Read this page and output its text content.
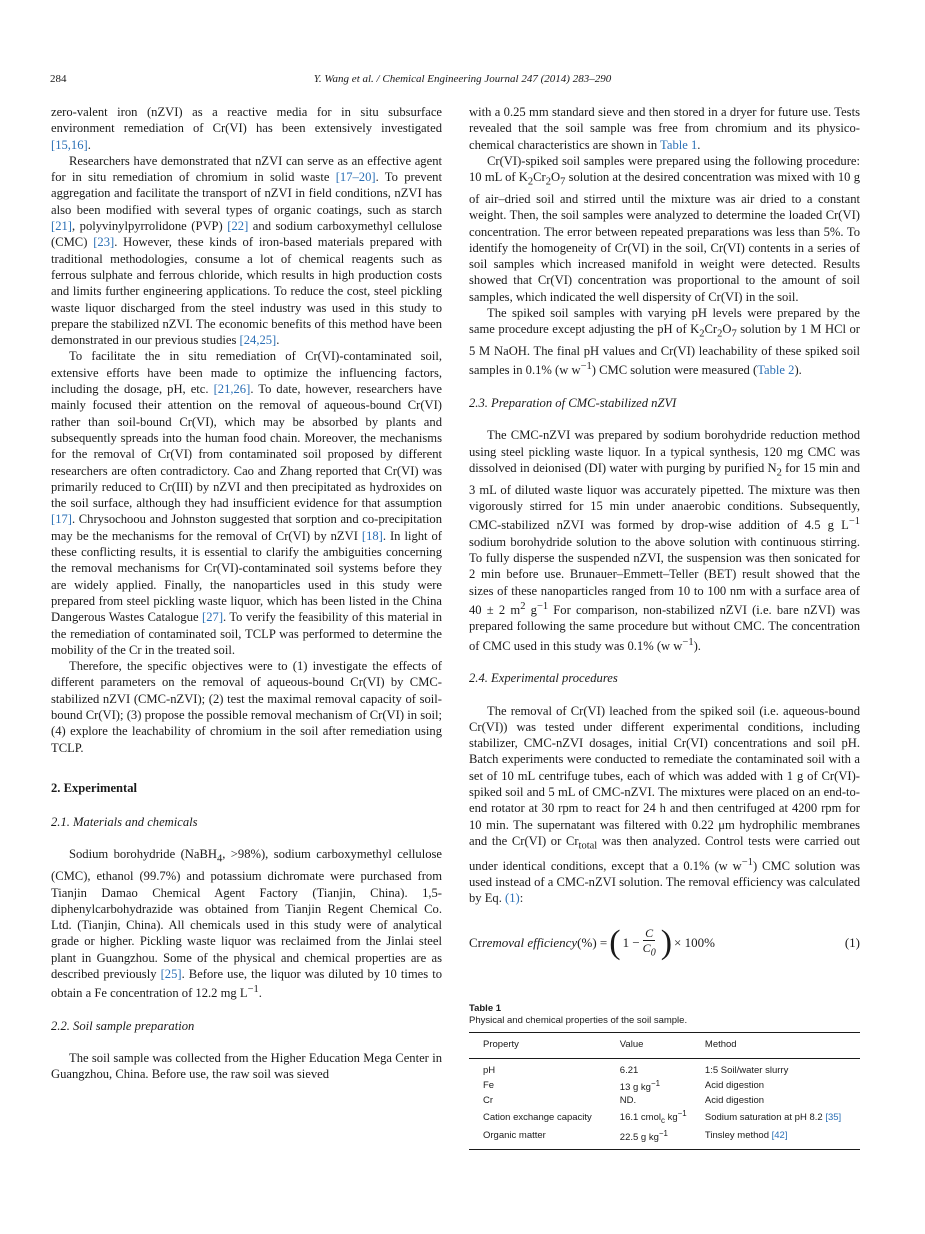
284	Y. Wang et al. / Chemical Engineering Journal 247 (2014) 283–290

zero-valent iron (nZVI) as a reactive media for in situ subsurface environment remediation of Cr(VI) has been extensively investigated [15,16].

Researchers have demonstrated that nZVI can serve as an effective agent for in situ remediation of chromium in solid waste [17–20]. To prevent aggregation and facilitate the transport of nZVI in field conditions, nZVI has also been modified with several types of organic coatings, such as starch [21], polyvinylpyrrolidone (PVP) [22] and sodium carboxymethyl cellulose (CMC) [23]. However, these kinds of iron-based materials prepared with traditional methodologies, consume a lot of chemical reagents such as ferrous sulphate and ferrous chloride, which results in high production costs and limits further engineering applications. To reduce the cost, steel pickling waste liquor discharged from the steel industry was used in this study to prepare the stabilized nZVI. The economic benefits of this method have been demonstrated in our previous studies [24,25].

To facilitate the in situ remediation of Cr(VI)-contaminated soil, extensive efforts have been made to optimize the influencing factors, including the dosage, pH, etc. [21,26]. To date, however, researchers have mainly focused their attention on the removal of aqueous-bound Cr(VI) rather than soil-bound Cr(VI), which may be absorbed by plants and subsequently spreads into the human food chain. Moreover, the mechanisms for the removal of Cr(VI) from contaminated soil proposed by different researchers are often contradictory. Cao and Zhang reported that Cr(VI) was primarily reduced to Cr(III) by nZVI and then precipitated as hydroxides on the soil surface, although they had insufficient evidence for that assumption [17]. Chrysochoou and Johnston suggested that sorption and co-precipitation may be the mechanisms for the removal of Cr(VI) by nZVI [18]. In light of these conflicting results, it is essential to clarify the ambiguities concerning the removal mechanisms for Cr(VI)-contaminated soil systems before they are widely applied. Finally, the nanoparticles used in this study were prepared from steel pickling waste liquor, which has been listed in the China Dangerous Wastes Catalogue [27]. To verify the feasibility of this material in the remediation of contaminated soil, TCLP was performed to determine the mobility of the Cr in the treated soil.

Therefore, the specific objectives were to (1) investigate the effects of different parameters on the removal of aqueous-bound Cr(VI) by CMC-stabilized nZVI (CMC-nZVI); (2) test the maximal removal capacity of soil-bound Cr(VI); (3) propose the possible removal mechanism of Cr(VI) in soil; (4) explore the leachability of chromium in the soil after remediation using TCLP.

2. Experimental
2.1. Materials and chemicals

Sodium borohydride (NaBH$_4$, >98%), sodium carboxymethyl cellulose (CMC), ethanol (99.7%) and potassium dichromate were purchased from Tianjin Damao Chemical Agent Factory (Tianjin, China). 1,5-diphenylcarbohydrazide was obtained from Tianjin Regent Chemical Co. Ltd. (Tianjin, China). All chemicals used in this study were of analytical grade or higher. Pickling waste liquor was reclaimed from the Jinlai steel plant in Guangzhou. Some of the physical and chemical properties are as described previously [25]. Before use, the liquor was diluted by 10 times to obtain a Fe concentration of 12.2 mg $L^{-1}$.

2.2. Soil sample preparation

The soil sample was collected from the Higher Education Mega Center in Guangzhou, China. Before use, the raw soil was sieved

with a 0.25 mm standard sieve and then stored in a dryer for future use. Tests revealed that the soil sample was free from chromium and its physico-chemical characteristics are shown in Table 1.

Cr(VI)-spiked soil samples were prepared using the following procedure: 10 mL of $K_2Cr_2O_7$ solution at the desired concentration was mixed with 10 g of air–dried soil and stirred until the mixture was air dried to a constant weight. Then, the soil samples were analyzed to determine the loaded Cr(VI) concentration. The error between repeated preparations was less than 5%. To identify the homogeneity of Cr(VI) in the soil, Cr(VI) contents in a series of soil samples which increased manifold in weight were detected. Results showed that Cr(VI) concentration was proportional to the amount of soil samples, which indicated the well dispersity of Cr(VI) in the soil.

The spiked soil samples with varying pH levels were prepared by the same procedure except adjusting the pH of $K_2Cr_2O_7$ solution by 1 M HCl or 5 M NaOH. The final pH values and Cr(VI) leachability of these spiked soil samples in 0.1% (w $w^{-1}$) CMC solution were measured (Table 2).

2.3. Preparation of CMC-stabilized nZVI

The CMC-nZVI was prepared by sodium borohydride reduction method using steel pickling waste liquor. In a typical synthesis, 120 mg CMC was dissolved in deionised (DI) water with purging by purified $N_2$ for 15 min and 3 mL of diluted waste liquor was accurately pipetted. The mixture was then vigorously stirred for 15 min under anaerobic conditions. Subsequently, CMC-stabilized nZVI was formed by drop-wise addition of 4.5 g $L^{-1}$ sodium borohydride solution to the above solution with continuous stirring. To fully disperse the suspended nZVI, the suspension was then sonicated for 2 min before use. Brunauer–Emmett–Teller (BET) result showed that the sizes of these nanoparticles ranged from 10 to 100 nm with a surface area of 40 ± 2 $m^2$ $g^{-1}$ For comparison, non-stabilized nZVI (i.e. bare nZVI) was prepared following the same procedure but without CMC. The concentration of CMC used in this study was 0.1% (w $w^{-1}$).

2.4. Experimental procedures

The removal of Cr(VI) leached from the spiked soil (i.e. aqueous-bound Cr(VI)) was tested under different experimental conditions, including stabilizer, CMC-nZVI dosages, initial Cr(VI) concentrations and soil pH. Batch experiments were conducted to remediate the contaminated soil with a set of 10 mL centrifuge tubes, each of which was added with 1 g of Cr(VI)-spiked soil and 5 mL of CMC-nZVI. The mixtures were placed on an end-to-end rotator at 30 rpm to react for 24 h and then centrifuged at 4200 rpm for 10 min. The supernatant was filtered with 0.22 μm hydrophilic membranes and the Cr(VI) or $Cr_{total}$ was then analyzed. Control tests were carried out under identical conditions, except that a 0.1% (w $w^{-1}$) CMC solution was used instead of a CMC-nZVI solution. The removal efficiency was calculated by Eq. (1):

Cr removal efficiency (%) = ( $1 - \frac{C}{C_0}$ ) × 100%	(1)
Table 1
Physical and chemical properties of the soil sample.
Property	Value	Method
pH	6.21	1:5 Soil/water slurry
Fe	13 g $kg^{-1}$	Acid digestion
Cr	ND.	Acid digestion
Cation exchange capacity	16.1 cmol$_c$ $kg^{-1}$	Sodium saturation at pH 8.2 [35]
Organic matter	22.5 g $kg^{-1}$	Tinsley method [42]
